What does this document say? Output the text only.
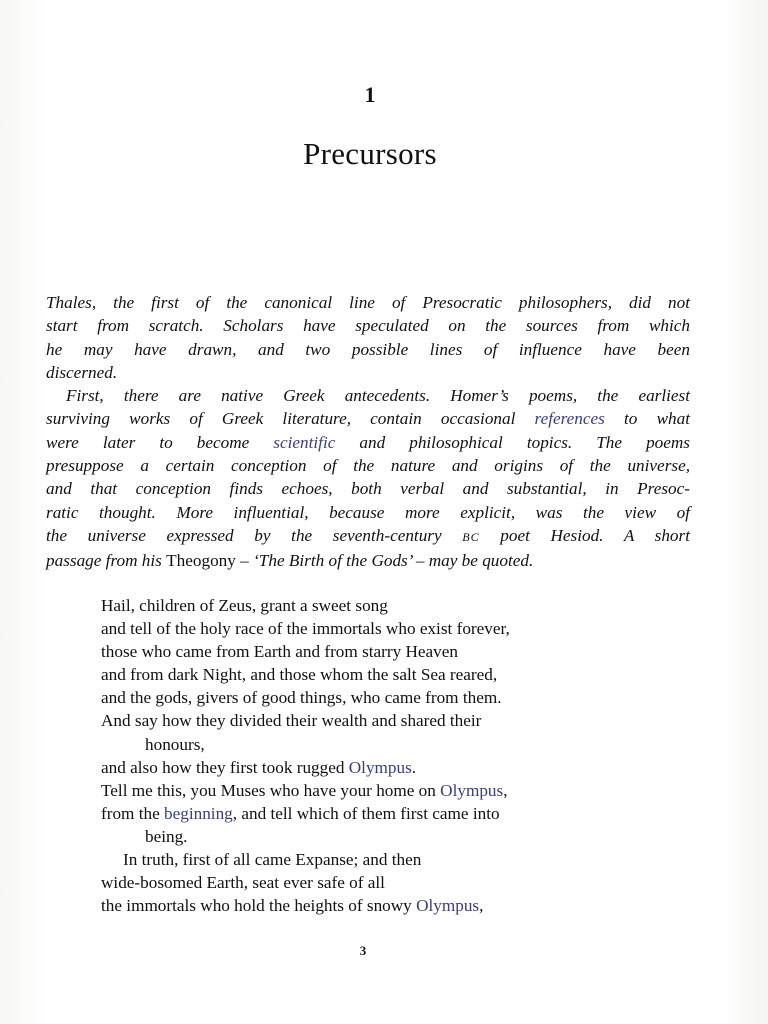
1
Precursors
Thales, the first of the canonical line of Presocratic philosophers, did not
start from scratch. Scholars have speculated on the sources from which
he may have drawn, and two possible lines of influence have been
discerned.
First, there are native Greek antecedents. Homer’s poems, the earliest
surviving works of Greek literature, contain occasional references to what
were later to become scientific and philosophical topics. The poems
presuppose a certain conception of the nature and origins of the universe,
and that conception finds echoes, both verbal and substantial, in Presoc-
ratic thought. More influential, because more explicit, was the view of
the universe expressed by the seventh-century BC poet Hesiod. A short
passage from his Theogony – ‘The Birth of the Gods’ – may be quoted.
Hail, children of Zeus, grant a sweet song
and tell of the holy race of the immortals who exist forever,
those who came from Earth and from starry Heaven
and from dark Night, and those whom the salt Sea reared,
and the gods, givers of good things, who came from them.
And say how they divided their wealth and shared their
honours,
and also how they first took rugged Olympus.
Tell me this, you Muses who have your home on Olympus,
from the beginning, and tell which of them first came into
being.
In truth, first of all came Expanse; and then
wide-bosomed Earth, seat ever safe of all
the immortals who hold the heights of snowy Olympus,
3
